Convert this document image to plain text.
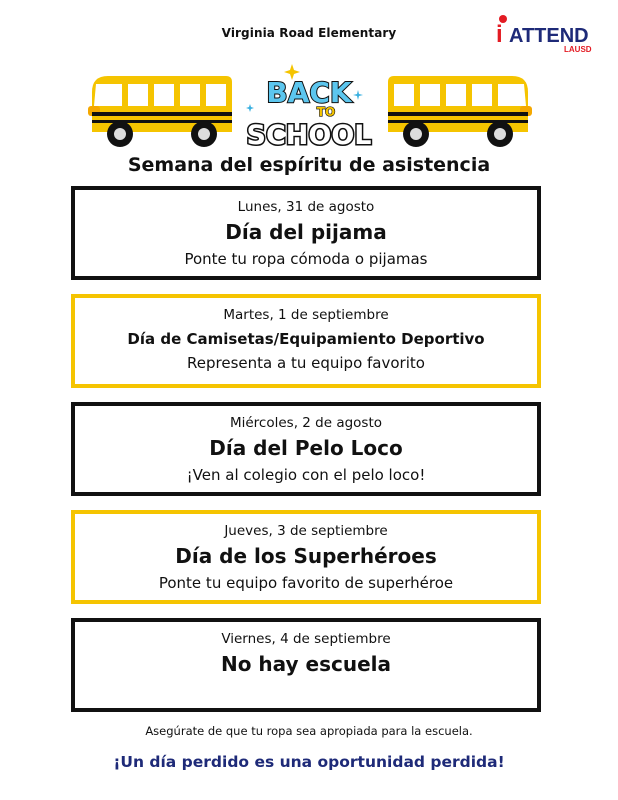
Virginia Road Elementary	i ATTEND
LAUSD
BACK
TO
SCHOOL
Semana del espíritu de asistencia
Lunes, 31 de agosto
Día del pijama
Ponte tu ropa cómoda o pijamas
Martes, 1 de septiembre
Día de Camisetas/Equipamiento Deportivo
Representa a tu equipo favorito
Miércoles, 2 de agosto
Día del Pelo Loco
¡Ven al colegio con el pelo loco!
Jueves, 3 de septiembre
Día de los Superhéroes
Ponte tu equipo favorito de superhéroe
Viernes, 4 de septiembre
No hay escuela
Asegúrate de que tu ropa sea apropiada para la escuela.
¡Un día perdido es una oportunidad perdida!
